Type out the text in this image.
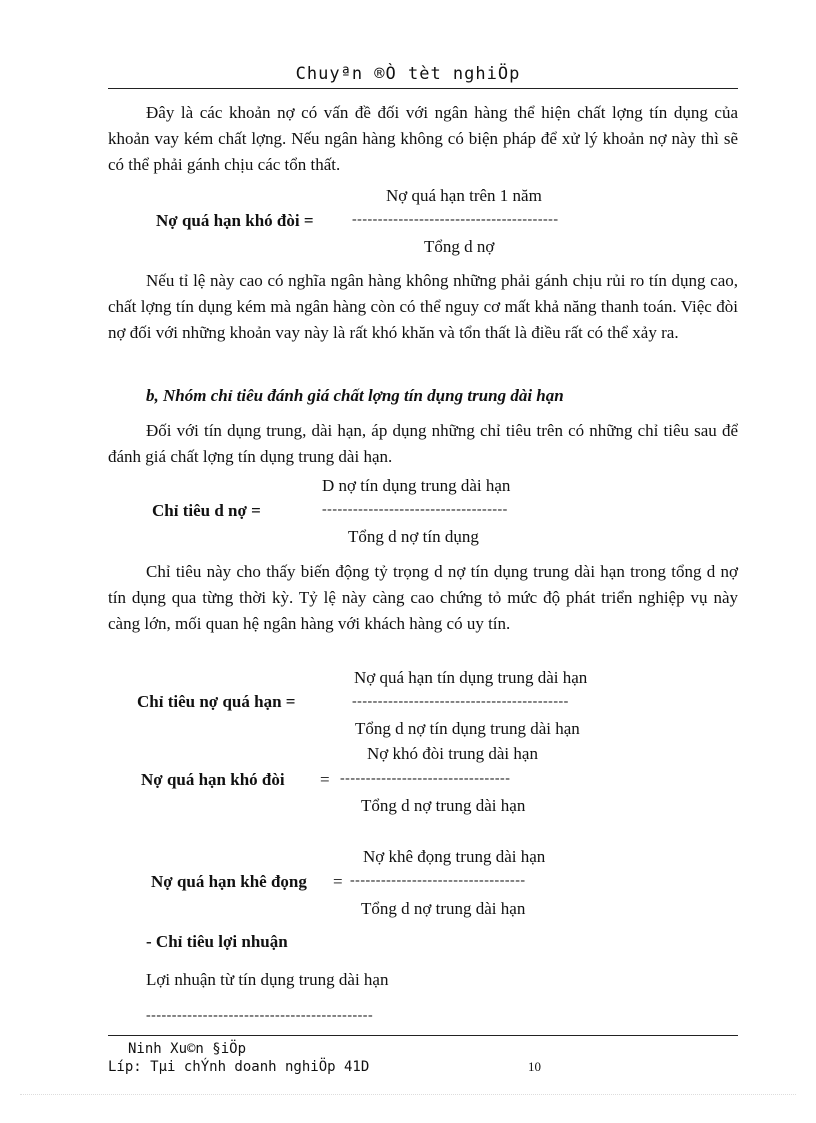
Chuyªn ®Ò tèt nghiÖp
Đây là các khoản nợ có vấn đề đối với ngân hàng thể hiện chất lợng tín dụng của khoản vay kém chất lợng. Nếu ngân hàng không có biện pháp để xử lý khoản nợ này thì sẽ có thể phải gánh chịu các tổn thất.
Nợ quá hạn trên 1 năm
Nợ quá hạn khó đòi =	----------------------------------------
Tổng d nợ
Nếu tỉ lệ này cao có nghĩa ngân hàng không những phải gánh chịu rủi ro tín dụng cao, chất lợng tín dụng kém mà ngân hàng còn có thể nguy cơ mất khả năng thanh toán. Việc đòi nợ đối với những khoản vay này là rất khó khăn và tổn thất là điều rất có thể xảy ra.
b, Nhóm chỉ tiêu đánh giá chất lợng tín dụng trung dài hạn
Đối với tín dụng trung, dài hạn, áp dụng những chỉ tiêu trên có những chỉ tiêu sau để đánh giá chất lợng tín dụng trung dài hạn.
D nợ tín dụng trung dài hạn
Chỉ tiêu d nợ =	------------------------------------
Tổng d nợ tín dụng
Chỉ tiêu này cho thấy biến động tỷ trọng d nợ tín dụng trung dài hạn trong tổng d nợ tín dụng qua từng thời kỳ. Tỷ lệ này càng cao chứng tỏ mức độ phát triển nghiệp vụ này càng lớn, mối quan hệ ngân hàng với khách hàng có uy tín.
Nợ quá hạn tín dụng trung dài hạn
Chỉ tiêu nợ quá hạn =	------------------------------------------
Tổng d nợ tín dụng trung dài hạn
Nợ khó đòi trung dài hạn
Nợ quá hạn khó đòi = ---------------------------------
Tổng d nợ trung dài hạn
Nợ khê đọng trung dài hạn
Nợ quá hạn khê đọng = ----------------------------------
Tổng d nợ trung dài hạn
- Chỉ tiêu lợi nhuận
Lợi nhuận từ tín dụng trung dài hạn
--------------------------------------------
Ninh Xu©n §iÖp
Líp: Tµi chÝnh doanh nghiÖp 41D	10
